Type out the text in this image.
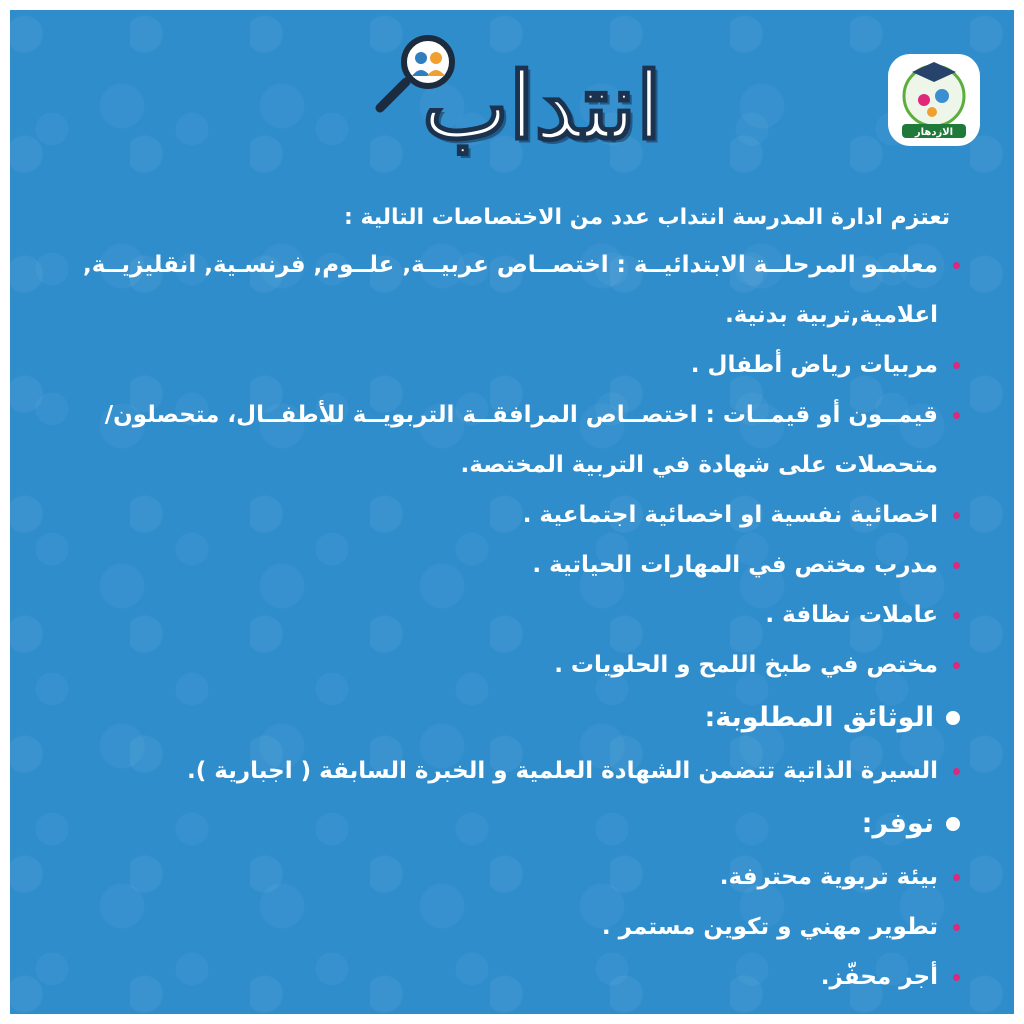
انتداب	الازدهار
تعتزم ادارة المدرسة انتداب عدد من الاختصاصات التالية :
معلمـو المرحلــة الابتدائيــة : اختصــاص عربيــة, علــوم, فرنسـية, انقليزيــة, اعلامية,تربية بدنية.
مربيات رياض أطفال .
قيمــون أو قيمــات : اختصــاص المرافقــة التربويــة للأطفــال، متحصلون/ متحصلات على شهادة في التربية المختصة.
اخصائية نفسية او اخصائية اجتماعية .
مدرب مختص في المهارات الحياتية .
عاملات نظافة .
مختص في طبخ اللمح و الحلويات .
الوثائق المطلوبة:
السيرة الذاتية تتضمن الشهادة العلمية و الخبرة السابقة ( اجبارية ).
نوفر:
بيئة تربوية محترفة.
تطوير مهني و تكوين مستمر .
أجر محفّز.
